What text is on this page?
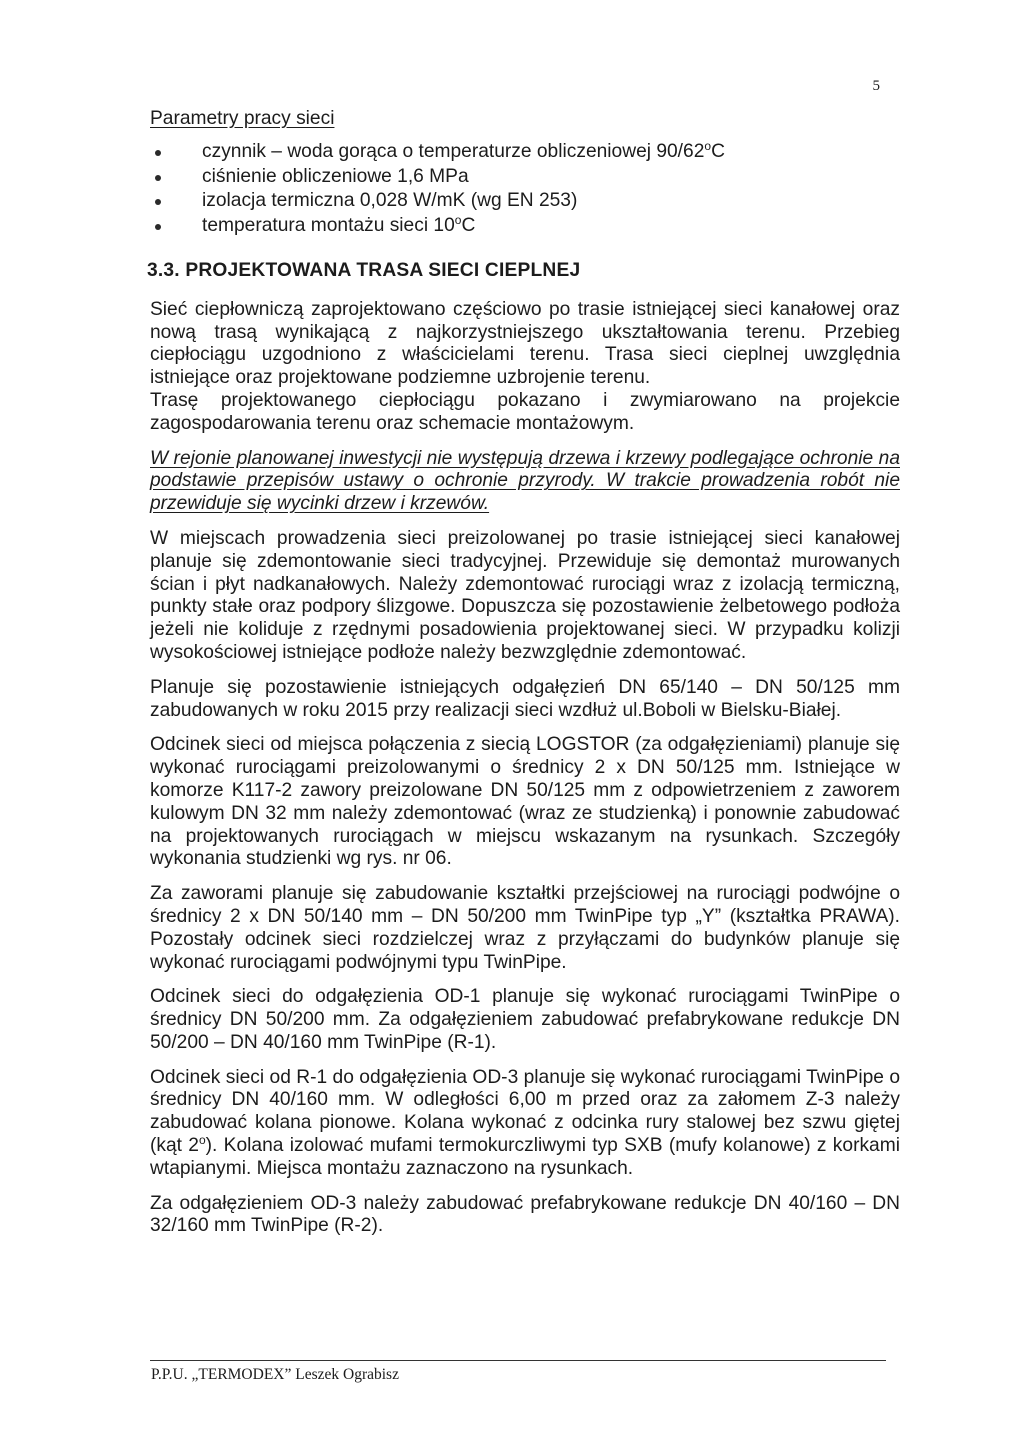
5
Parametry pracy sieci
czynnik – woda gorąca o temperaturze obliczeniowej 90/62$^o$C
ciśnienie obliczeniowe 1,6 MPa
izolacja termiczna 0,028 W/mK (wg EN 253)
temperatura montażu sieci 10$^o$C
3.3. PROJEKTOWANA TRASA SIECI CIEPLNEJ

Sieć ciepłowniczą zaprojektowano częściowo po trasie istniejącej sieci kanałowej oraz nową trasą wynikającą z najkorzystniejszego ukształtowania terenu. Przebieg ciepłociągu uzgodniono z właścicielami terenu. Trasa sieci cieplnej uwzględnia istniejące oraz projektowane podziemne uzbrojenie terenu.

Trasę projektowanego ciepłociągu pokazano i zwymiarowano na projekcie zagospodarowania terenu oraz schemacie montażowym.

W rejonie planowanej inwestycji nie występują drzewa i krzewy podlegające ochronie na podstawie przepisów ustawy o ochronie przyrody. W trakcie prowadzenia robót nie przewiduje się wycinki drzew i krzewów.

W miejscach prowadzenia sieci preizolowanej po trasie istniejącej sieci kanałowej planuje się zdemontowanie sieci tradycyjnej. Przewiduje się demontaż murowanych ścian i płyt nadkanałowych. Należy zdemontować rurociągi wraz z izolacją termiczną, punkty stałe oraz podpory ślizgowe. Dopuszcza się pozostawienie żelbetowego podłoża jeżeli nie koliduje z rzędnymi posadowienia projektowanej sieci. W przypadku kolizji wysokościowej istniejące podłoże należy bezwzględnie zdemontować.

Planuje się pozostawienie istniejących odgałęzień DN 65/140 – DN 50/125 mm zabudowanych w roku 2015 przy realizacji sieci wzdłuż ul.Boboli w Bielsku-Białej.

Odcinek sieci od miejsca połączenia z siecią LOGSTOR (za odgałęzieniami) planuje się wykonać rurociągami preizolowanymi o średnicy 2 x DN 50/125 mm. Istniejące w komorze K117-2 zawory preizolowane DN 50/125 mm z odpowietrzeniem z zaworem kulowym DN 32 mm należy zdemontować (wraz ze studzienką) i ponownie zabudować na projektowanych rurociągach w miejscu wskazanym na rysunkach. Szczegóły wykonania studzienki wg rys. nr 06.

Za zaworami planuje się zabudowanie kształtki przejściowej na rurociągi podwójne o średnicy 2 x DN 50/140 mm – DN 50/200 mm TwinPipe typ „Y” (kształtka PRAWA). Pozostały odcinek sieci rozdzielczej wraz z przyłączami do budynków planuje się wykonać rurociągami podwójnymi typu TwinPipe.

Odcinek sieci do odgałęzienia OD-1 planuje się wykonać rurociągami TwinPipe o średnicy DN 50/200 mm. Za odgałęzieniem zabudować prefabrykowane redukcje DN 50/200 – DN 40/160 mm TwinPipe (R-1).

Odcinek sieci od R-1 do odgałęzienia OD-3 planuje się wykonać rurociągami TwinPipe o średnicy DN 40/160 mm. W odległości 6,00 m przed oraz za załomem Z-3 należy zabudować kolana pionowe. Kolana wykonać z odcinka rury stalowej bez szwu giętej (kąt 2$^o$). Kolana izolować mufami termokurczliwymi typ SXB (mufy kolanowe) z korkami wtapianymi. Miejsca montażu zaznaczono na rysunkach.

Za odgałęzieniem OD-3 należy zabudować prefabrykowane redukcje DN 40/160 – DN 32/160 mm TwinPipe (R-2).

P.P.U. „TERMODEX” Leszek Ograbisz
